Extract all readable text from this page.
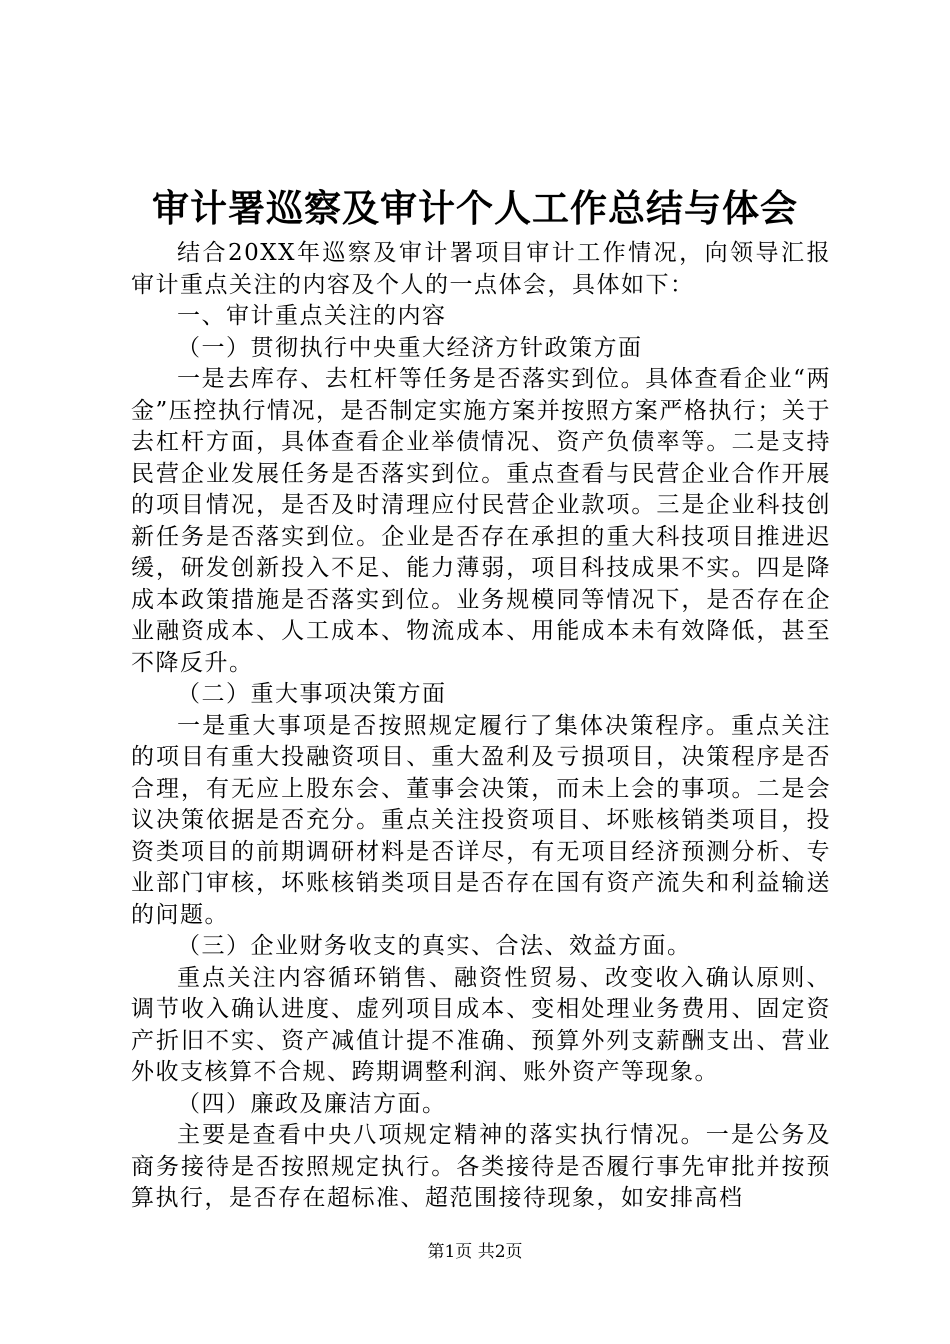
审计署巡察及审计个人工作总结与体会

结合20XX年巡察及审计署项目审计工作情况，向领导汇报审计重点关注的内容及个人的一点体会，具体如下：

一、审计重点关注的内容

（一）贯彻执行中央重大经济方针政策方面

一是去库存、去杠杆等任务是否落实到位。具体查看企业“两金”压控执行情况，是否制定实施方案并按照方案严格执行；关于去杠杆方面，具体查看企业举债情况、资产负债率等。二是支持民营企业发展任务是否落实到位。重点查看与民营企业合作开展的项目情况，是否及时清理应付民营企业款项。三是企业科技创新任务是否落实到位。企业是否存在承担的重大科技项目推进迟缓，研发创新投入不足、能力薄弱，项目科技成果不实。四是降成本政策措施是否落实到位。业务规模同等情况下，是否存在企业融资成本、人工成本、物流成本、用能成本未有效降低，甚至不降反升。

（二）重大事项决策方面

一是重大事项是否按照规定履行了集体决策程序。重点关注的项目有重大投融资项目、重大盈利及亏损项目，决策程序是否合理，有无应上股东会、董事会决策，而未上会的事项。二是会议决策依据是否充分。重点关注投资项目、坏账核销类项目，投资类项目的前期调研材料是否详尽，有无项目经济预测分析、专业部门审核，坏账核销类项目是否存在国有资产流失和利益输送的问题。

（三）企业财务收支的真实、合法、效益方面。

重点关注内容循环销售、融资性贸易、改变收入确认原则、调节收入确认进度、虚列项目成本、变相处理业务费用、固定资产折旧不实、资产减值计提不准确、预算外列支薪酬支出、营业外收支核算不合规、跨期调整利润、账外资产等现象。

（四）廉政及廉洁方面。

主要是查看中央八项规定精神的落实执行情况。一是公务及商务接待是否按照规定执行。各类接待是否履行事先审批并按预算执行，是否存在超标准、超范围接待现象，如安排高档

第1页 共2页
